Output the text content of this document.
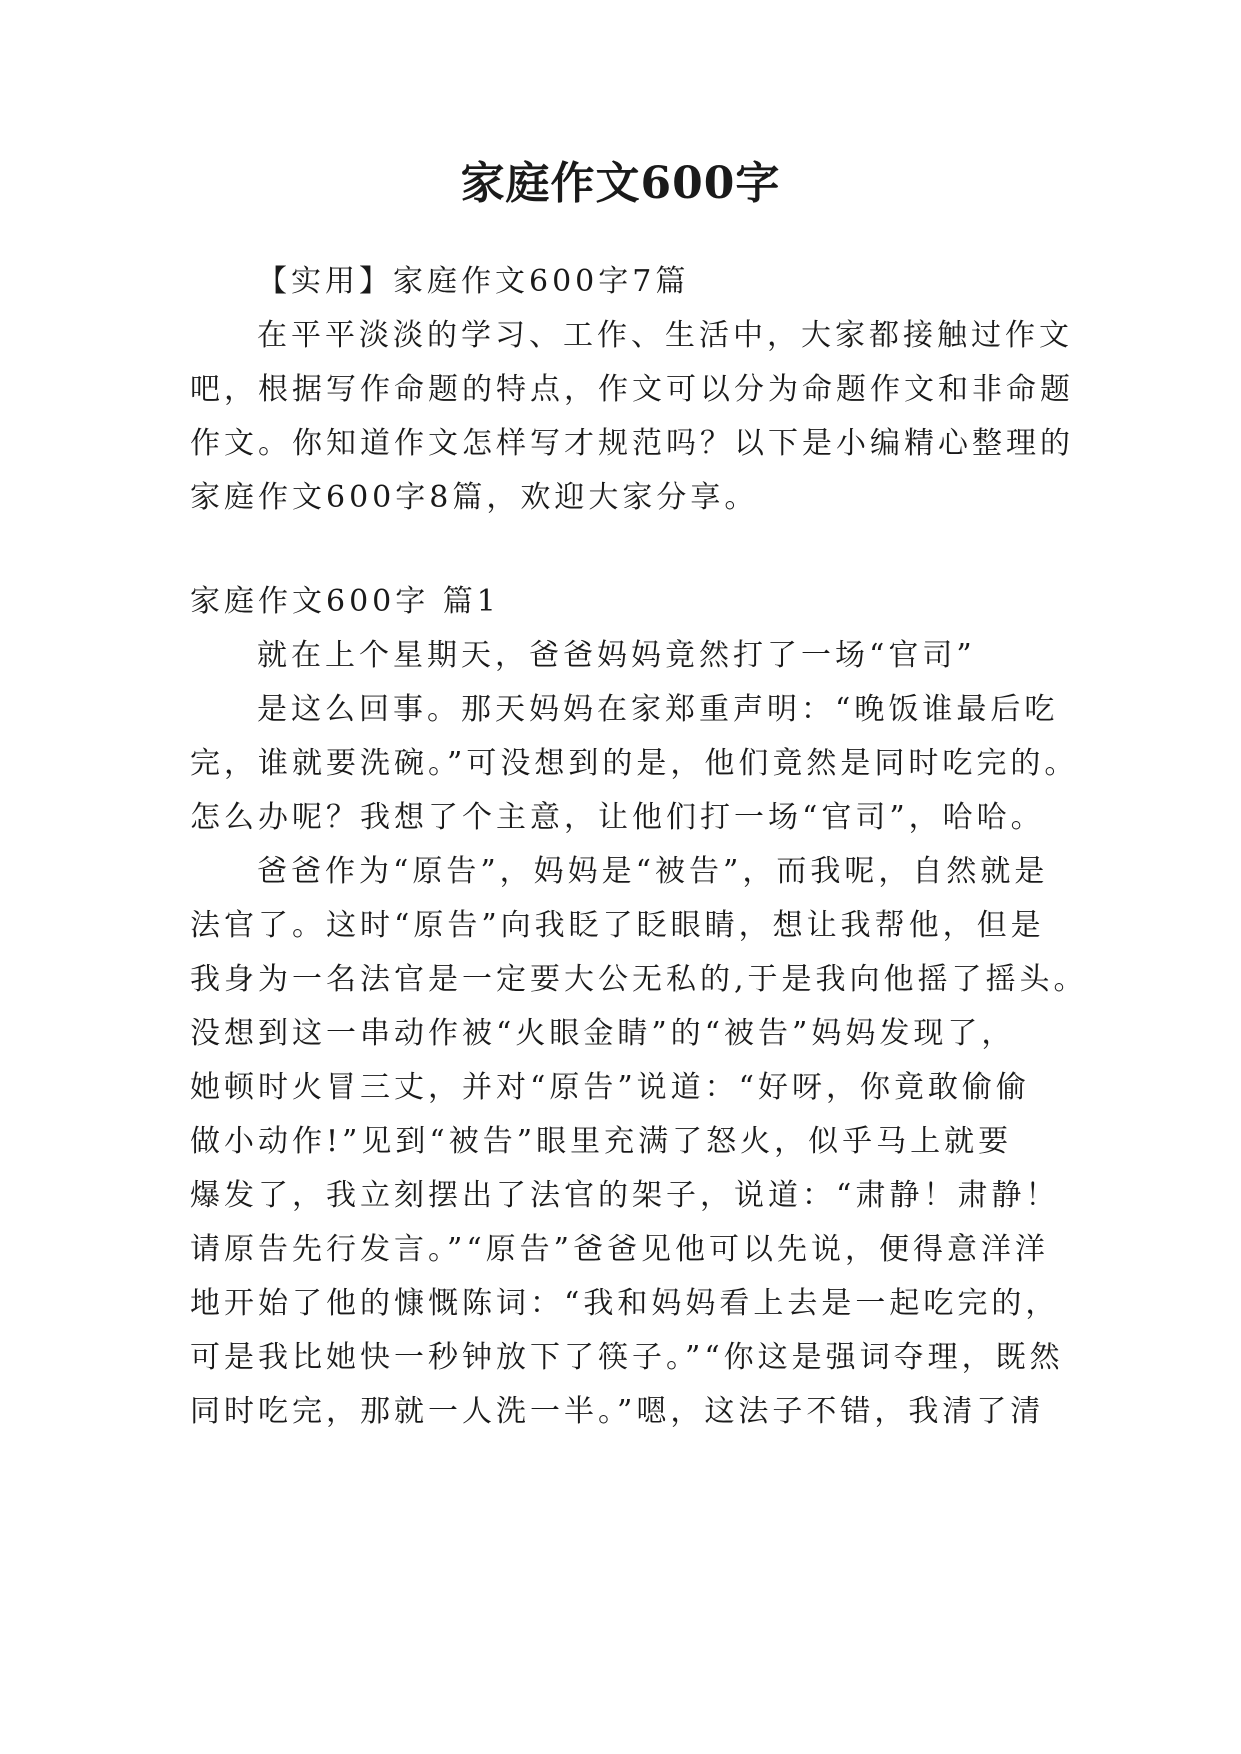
家庭作文600字
【实用】家庭作文600字7篇
在平平淡淡的学习、工作、生活中，大家都接触过作文
吧，根据写作命题的特点，作文可以分为命题作文和非命题
作文。你知道作文怎样写才规范吗？以下是小编精心整理的
家庭作文600字8篇，欢迎大家分享。
家庭作文600字 篇1
就在上个星期天，爸爸妈妈竟然打了一场“官司”
是这么回事。那天妈妈在家郑重声明：“晚饭谁最后吃
完，谁就要洗碗。”可没想到的是，他们竟然是同时吃完的。
怎么办呢？我想了个主意，让他们打一场“官司”，哈哈。
爸爸作为“原告”，妈妈是“被告”，而我呢，自然就是
法官了。这时“原告”向我眨了眨眼睛，想让我帮他，但是
我身为一名法官是一定要大公无私的,于是我向他摇了摇头。
没想到这一串动作被“火眼金睛”的“被告”妈妈发现了，
她顿时火冒三丈，并对“原告”说道：“好呀，你竟敢偷偷
做小动作!”见到“被告”眼里充满了怒火，似乎马上就要
爆发了，我立刻摆出了法官的架子，说道：“肃静！肃静！
请原告先行发言。”“原告”爸爸见他可以先说，便得意洋洋
地开始了他的慷慨陈词：“我和妈妈看上去是一起吃完的，
可是我比她快一秒钟放下了筷子。”“你这是强词夺理，既然
同时吃完，那就一人洗一半。”嗯，这法子不错，我清了清
